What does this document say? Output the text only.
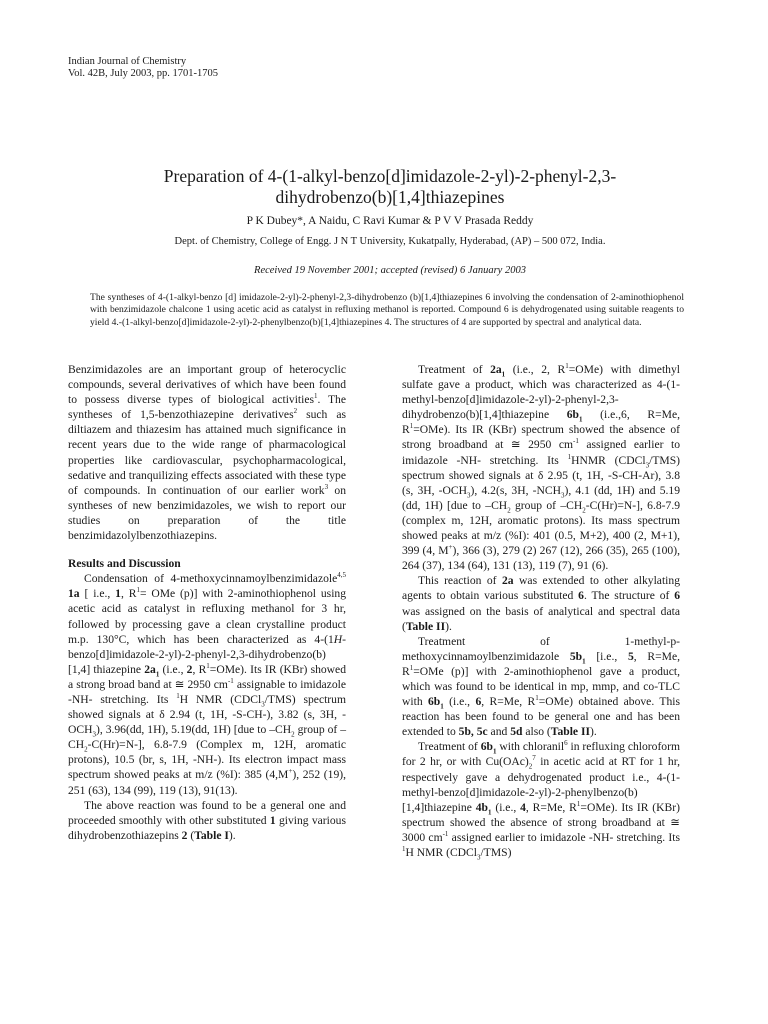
Indian Journal of Chemistry
Vol. 42B, July 2003, pp. 1701-1705
Preparation of 4-(1-alkyl-benzo[d]imidazole-2-yl)-2-phenyl-2,3-
dihydrobenzo(b)[1,4]thiazepines
P K Dubey*, A Naidu, C Ravi Kumar & P V V Prasada Reddy
Dept. of Chemistry, College of Engg. J N T University, Kukatpally, Hyderabad, (AP) – 500 072, India.
Received 19 November 2001; accepted (revised) 6 January 2003
The syntheses of 4-(1-alkyl-benzo [d] imidazole-2-yl)-2-phenyl-2,3-dihydrobenzo (b)[1,4]thiazepines 6 involving the condensation of 2-aminothiophenol with benzimidazole chalcone 1 using acetic acid as catalyst in refluxing methanol is reported. Compound 6 is dehydrogenated using suitable reagents to yield 4.-(1-alkyl-benzo[d]imidazole-2-yl)-2-phenylbenzo(b)[1,4]thiazepines 4. The structures of 4 are supported by spectral and analytical data.

Benzimidazoles are an important group of heterocyclic compounds, several derivatives of which have been found to possess diverse types of biological activities$^1$. The syntheses of 1,5-benzothiazepine derivatives$^2$ such as diltiazem and thiazesim has attained much significance in recent years due to the wide range of pharmacological properties like cardiovascular, psychopharmacological, sedative and tranquilizing effects associated with these type of compounds. In continuation of our earlier work$^3$ on syntheses of new benzimidazoles, we wish to report our studies on preparation of the title benzimidazolylbenzothiazepins.

Results and Discussion

Condensation of 4-methoxycinnamoylbenzimidazole$^{4,5}$ 1a [ i.e., 1, $R^1=$ OMe (p)] with 2-aminothiophenol using acetic acid as catalyst in refluxing methanol for 3 hr, followed by processing gave a clean crystalline product m.p. 130°C, which has been characterized as 4-(1H-benzo[d]imidazole-2-yl)-2-phenyl-2,3-dihydrobenzo(b)[1,4] thiazepine $2a_1$ (i.e., 2, $R^1=OMe$). Its IR (KBr) showed a strong broad band at ≅ 2950 $cm^{-1}$ assignable to imidazole -NH- stretching. Its $^1$H NMR (CDCl$_3$/TMS) spectrum showed signals at δ 2.94 (t, 1H, -S-CH-), 3.82 (s, 3H, $-OCH_3$), 3.96(dd, 1H), 5.19(dd, 1H) [due to $-CH_2$ group of $-CH_2-C(Hr)=N-$], 6.8-7.9 (Complex m, 12H, aromatic protons), 10.5 (br, s, 1H, -NH-). Its electron impact mass spectrum showed peaks at m/z (%I): 385 (4,M+), 252 (19), 251 (63), 134 (99), 119 (13), 91(13).

The above reaction was found to be a general one and proceeded smoothly with other substituted 1 giving various dihydrobenzothiazepins 2 (Table I).

Treatment of $2a_1$ (i.e., 2, $R^1=OMe$) with dimethyl sulfate gave a product, which was characterized as 4-(1-methyl-benzo[d]imidazole-2-yl)-2-phenyl-2,3-dihydrobenzo(b)[1,4]thiazepine $6b_1$ (i.e.,6, R=Me, $R^1=OMe$). Its IR (KBr) spectrum showed the absence of strong broadband at ≅ 2950 $cm^{-1}$ assigned earlier to imidazole -NH- stretching. Its $^1$HNMR (CDCl$_3$/TMS) spectrum showed signals at δ 2.95 (t, 1H, -S-CH-Ar), 3.8 (s, 3H, $-OCH_3$), 4.2(s, 3H, $-NCH_3$), 4.1 (dd, 1H) and 5.19 (dd, 1H) [due to $-CH_2$ group of $-CH_2-C(Hr)=N-$], 6.8-7.9 (complex m, 12H, aromatic protons). Its mass spectrum showed peaks at m/z (%I): 401 (0.5, M+2), 400 (2, M+1), 399 (4, M+), 366 (3), 279 (2) 267 (12), 266 (35), 265 (100), 264 (37), 134 (64), 131 (13), 119 (7), 91 (6).

This reaction of 2a was extended to other alkylating agents to obtain various substituted 6. The structure of 6 was assigned on the basis of analytical and spectral data (Table II).

Treatment of 1-methyl-p-methoxycinnamoylbenzimidazole $5b_1$ [i.e., 5, R=Me, $R^1=OMe$ (p)] with 2-aminothiophenol gave a product, which was found to be identical in mp, mmp, and co-TLC with $6b_1$ (i.e., 6, R=Me, $R^1=OMe$) obtained above. This reaction has been found to be general one and has been extended to 5b, 5c and 5d also (Table II).

Treatment of $6b_1$ with chloranil$^6$ in refluxing chloroform for 2 hr, or with $Cu(OAc)_2^7$ in acetic acid at RT for 1 hr, respectively gave a dehydrogenated product i.e., 4-(1-methyl-benzo[d]imidazole-2-yl)-2-phenylbenzo(b)[1,4]thiazepine $4b_1$ (i.e., 4, R=Me, $R^1=OMe$). Its IR (KBr) spectrum showed the absence of strong broadband at ≅ 3000 $cm^{-1}$ assigned earlier to imidazole -NH- stretching. Its $^1$H NMR (CDCl$_3$/TMS)
